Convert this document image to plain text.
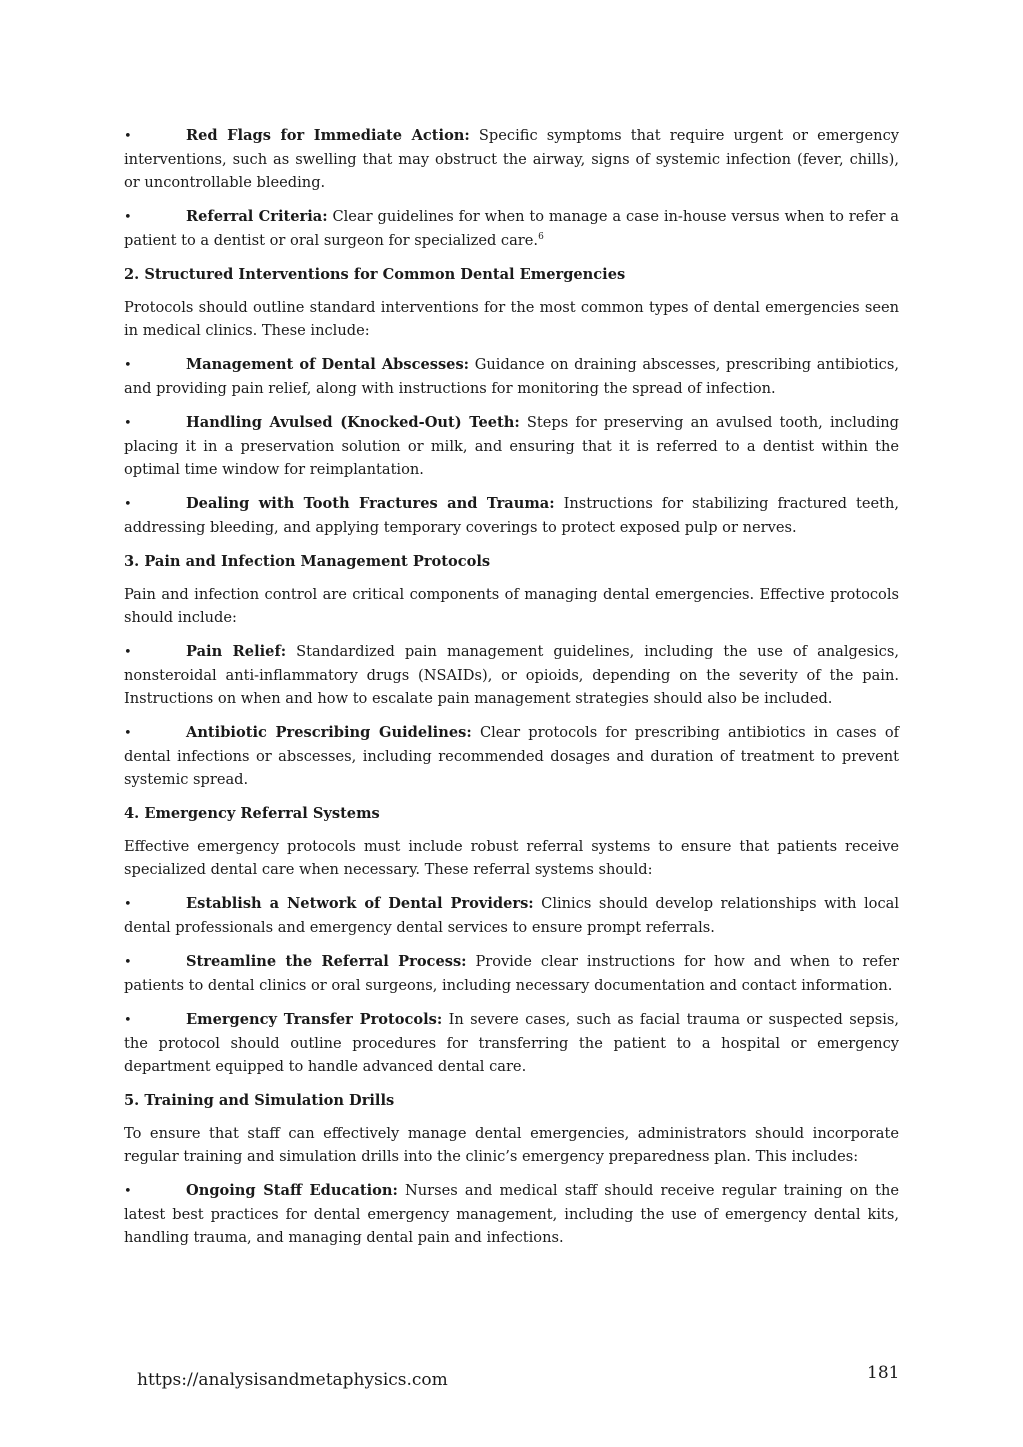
•	Red Flags for Immediate Action: Specific symptoms that require urgent or emergency interventions, such as swelling that may obstruct the airway, signs of systemic infection (fever, chills), or uncontrollable bleeding.

•	Referral Criteria: Clear guidelines for when to manage a case in-house versus when to refer a patient to a dentist or oral surgeon for specialized care.$^6$

2. Structured Interventions for Common Dental Emergencies

Protocols should outline standard interventions for the most common types of dental emergencies seen in medical clinics. These include:

•	Management of Dental Abscesses: Guidance on draining abscesses, prescribing antibiotics, and providing pain relief, along with instructions for monitoring the spread of infection.

•	Handling Avulsed (Knocked-Out) Teeth: Steps for preserving an avulsed tooth, including placing it in a preservation solution or milk, and ensuring that it is referred to a dentist within the optimal time window for reimplantation.

•	Dealing with Tooth Fractures and Trauma: Instructions for stabilizing fractured teeth, addressing bleeding, and applying temporary coverings to protect exposed pulp or nerves.

3. Pain and Infection Management Protocols

Pain and infection control are critical components of managing dental emergencies. Effective protocols should include:

•	Pain Relief: Standardized pain management guidelines, including the use of analgesics, nonsteroidal anti-inflammatory drugs (NSAIDs), or opioids, depending on the severity of the pain. Instructions on when and how to escalate pain management strategies should also be included.

•	Antibiotic Prescribing Guidelines: Clear protocols for prescribing antibiotics in cases of dental infections or abscesses, including recommended dosages and duration of treatment to prevent systemic spread.

4. Emergency Referral Systems

Effective emergency protocols must include robust referral systems to ensure that patients receive specialized dental care when necessary. These referral systems should:

•	Establish a Network of Dental Providers: Clinics should develop relationships with local dental professionals and emergency dental services to ensure prompt referrals.

•	Streamline the Referral Process: Provide clear instructions for how and when to refer patients to dental clinics or oral surgeons, including necessary documentation and contact information.

•	Emergency Transfer Protocols: In severe cases, such as facial trauma or suspected sepsis, the protocol should outline procedures for transferring the patient to a hospital or emergency department equipped to handle advanced dental care.

5. Training and Simulation Drills

To ensure that staff can effectively manage dental emergencies, administrators should incorporate regular training and simulation drills into the clinic’s emergency preparedness plan. This includes:

•	Ongoing Staff Education: Nurses and medical staff should receive regular training on the latest best practices for dental emergency management, including the use of emergency dental kits, handling trauma, and managing dental pain and infections.

https://analysisandmetaphysics.com	181
